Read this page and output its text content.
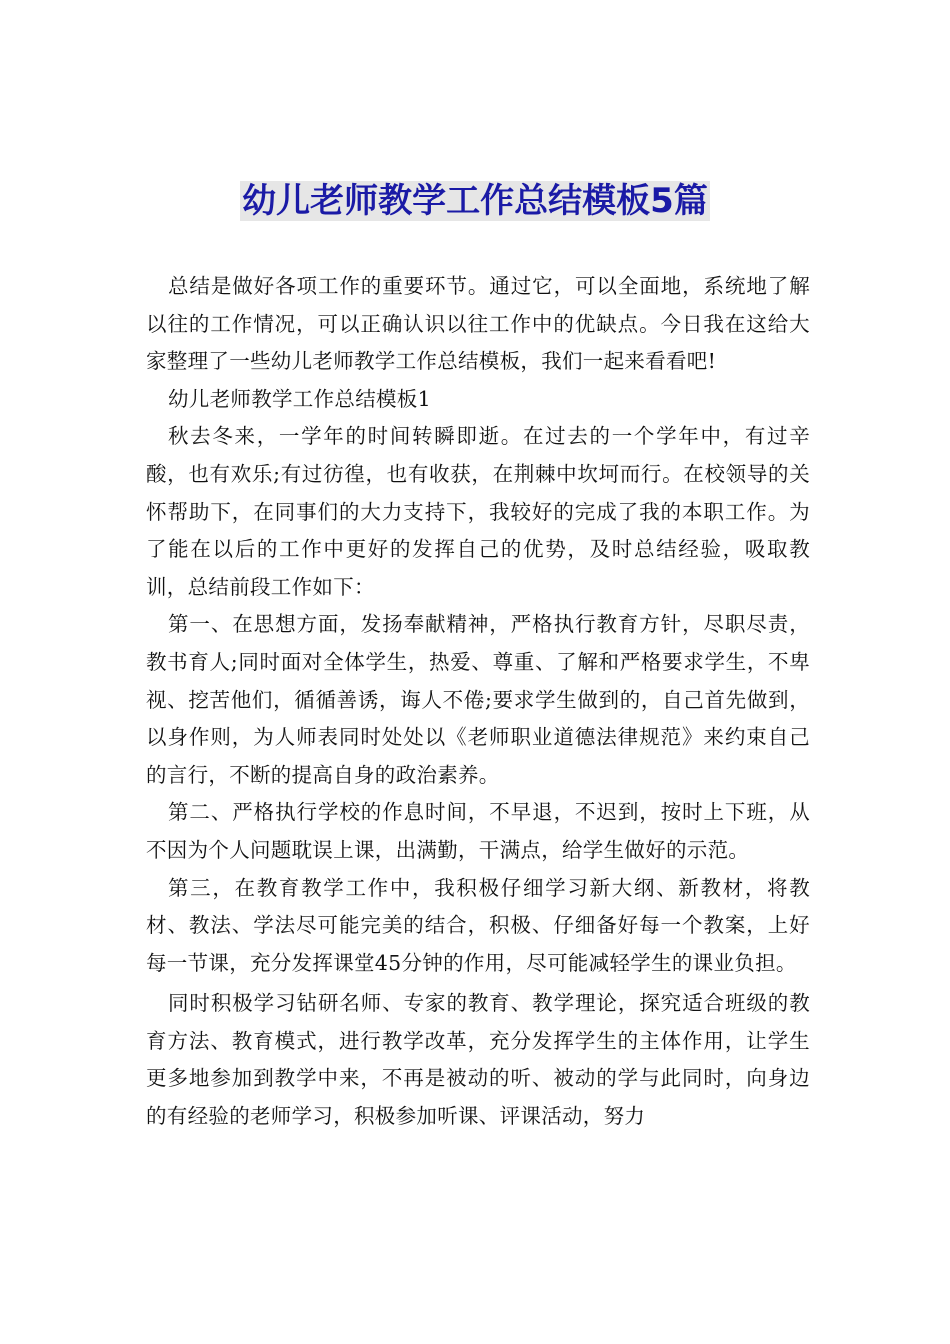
幼儿老师教学工作总结模板5篇

总结是做好各项工作的重要环节。通过它，可以全面地，系统地了解以往的工作情况，可以正确认识以往工作中的优缺点。今日我在这给大家整理了一些幼儿老师教学工作总结模板，我们一起来看看吧!

幼儿老师教学工作总结模板1

秋去冬来，一学年的时间转瞬即逝。在过去的一个学年中，有过辛酸，也有欢乐;有过彷徨，也有收获，在荆棘中坎坷而行。在校领导的关怀帮助下，在同事们的大力支持下，我较好的完成了我的本职工作。为了能在以后的工作中更好的发挥自己的优势，及时总结经验，吸取教训，总结前段工作如下：

第一、在思想方面，发扬奉献精神，严格执行教育方针，尽职尽责，教书育人;同时面对全体学生，热爱、尊重、了解和严格要求学生，不卑视、挖苦他们，循循善诱，诲人不倦;要求学生做到的，自己首先做到，以身作则，为人师表同时处处以《老师职业道德法律规范》来约束自己的言行，不断的提高自身的政治素养。

第二、严格执行学校的作息时间，不早退，不迟到，按时上下班，从不因为个人问题耽误上课，出满勤，干满点，给学生做好的示范。

第三，在教育教学工作中，我积极仔细学习新大纲、新教材，将教材、教法、学法尽可能完美的结合，积极、仔细备好每一个教案，上好每一节课，充分发挥课堂45分钟的作用，尽可能减轻学生的课业负担。

同时积极学习钻研名师、专家的教育、教学理论，探究适合班级的教育方法、教育模式，进行教学改革，充分发挥学生的主体作用，让学生更多地参加到教学中来，不再是被动的听、被动的学与此同时，向身边的有经验的老师学习，积极参加听课、评课活动，努力
